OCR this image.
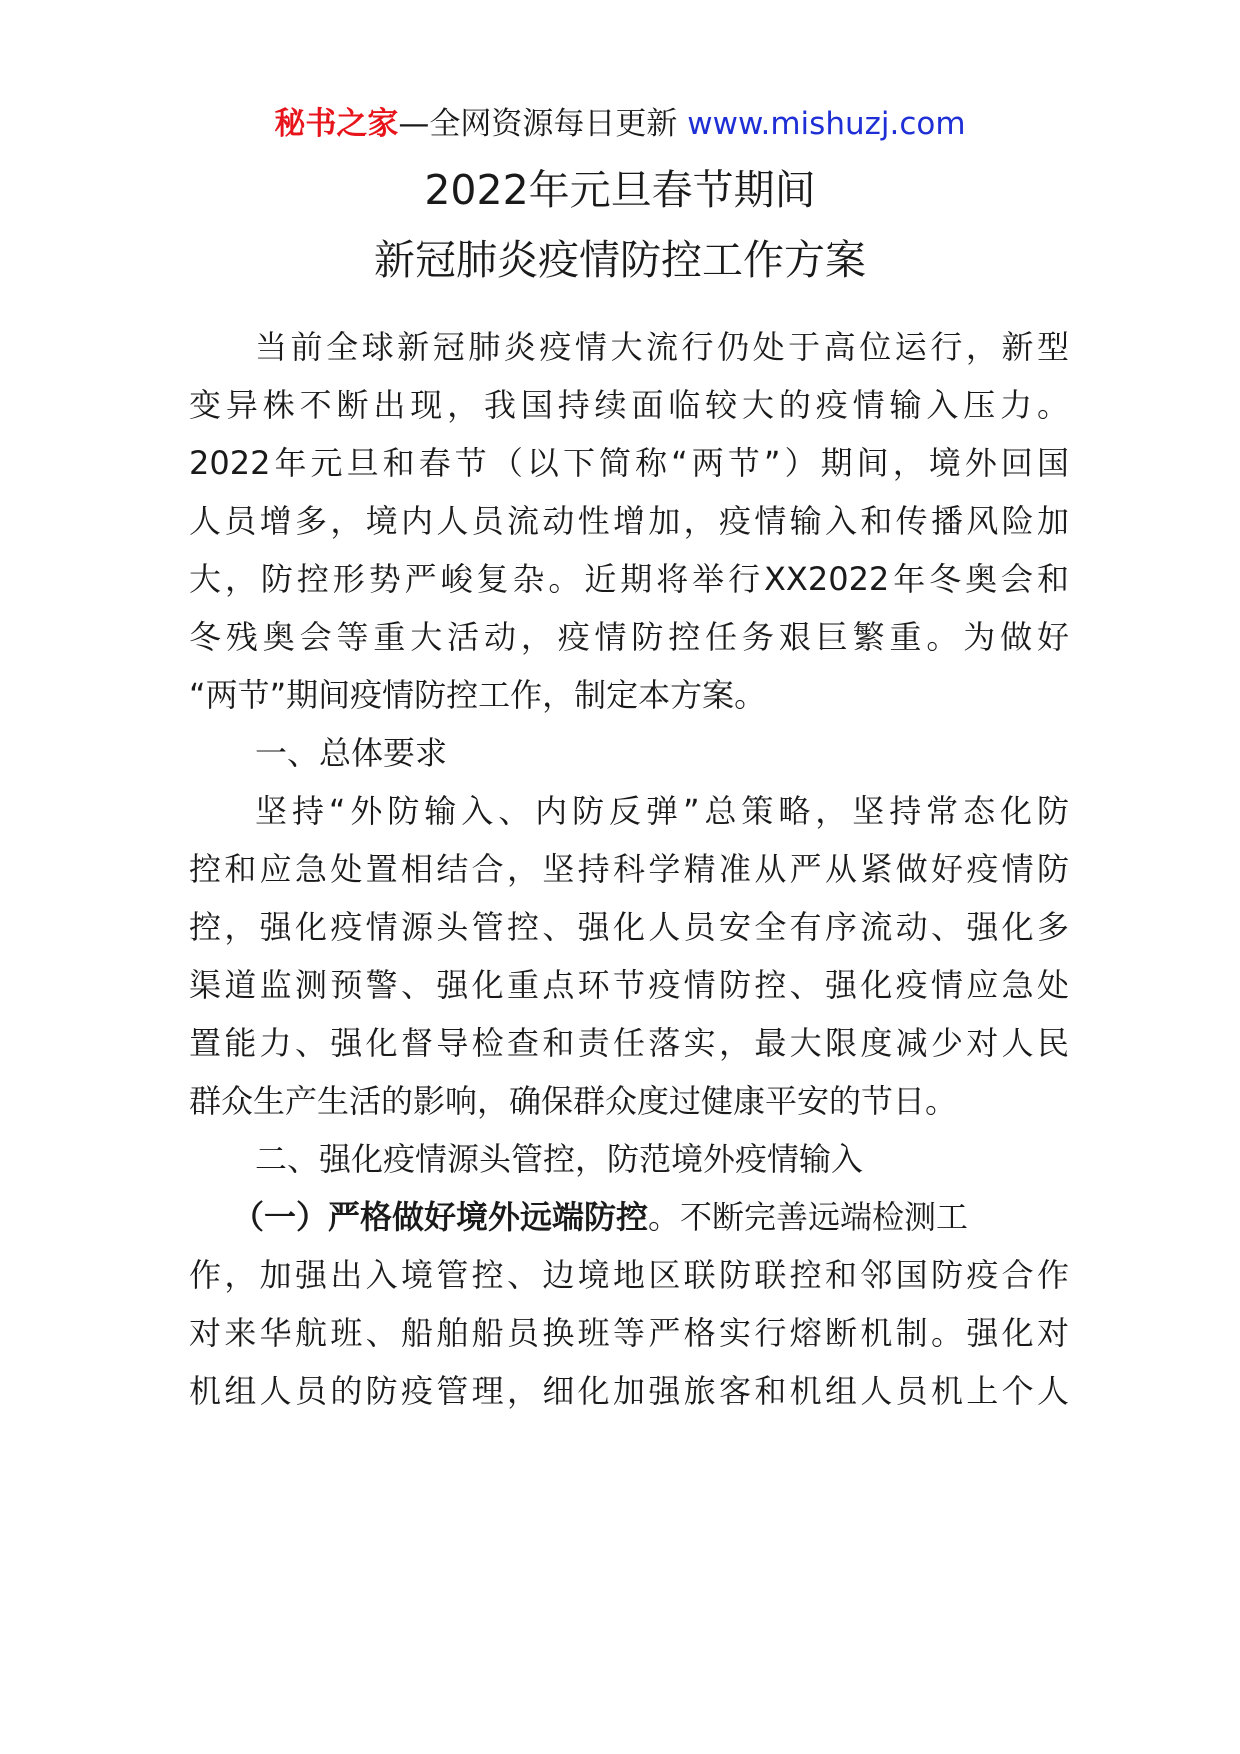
秘书之家—全网资源每日更新 www.mishuzj.com
2022年元旦春节期间
新冠肺炎疫情防控工作方案
当前全球新冠肺炎疫情大流行仍处于高位运行，新型
变异株不断出现，我国持续面临较大的疫情输入压力。
2022年元旦和春节（以下简称“两节”）期间，境外回国
人员增多，境内人员流动性增加，疫情输入和传播风险加
大，防控形势严峻复杂。近期将举行XX2022年冬奥会和
冬残奥会等重大活动，疫情防控任务艰巨繁重。为做好
“两节”期间疫情防控工作，制定本方案。
一、总体要求
坚持“外防输入、内防反弹”总策略，坚持常态化防
控和应急处置相结合，坚持科学精准从严从紧做好疫情防
控，强化疫情源头管控、强化人员安全有序流动、强化多
渠道监测预警、强化重点环节疫情防控、强化疫情应急处
置能力、强化督导检查和责任落实，最大限度减少对人民
群众生产生活的影响，确保群众度过健康平安的节日。
二、强化疫情源头管控，防范境外疫情输入
（一）严格做好境外远端防控。不断完善远端检测工
作，加强出入境管控、边境地区联防联控和邻国防疫合作
对来华航班、船舶船员换班等严格实行熔断机制。强化对
机组人员的防疫管理，细化加强旅客和机组人员机上个人
